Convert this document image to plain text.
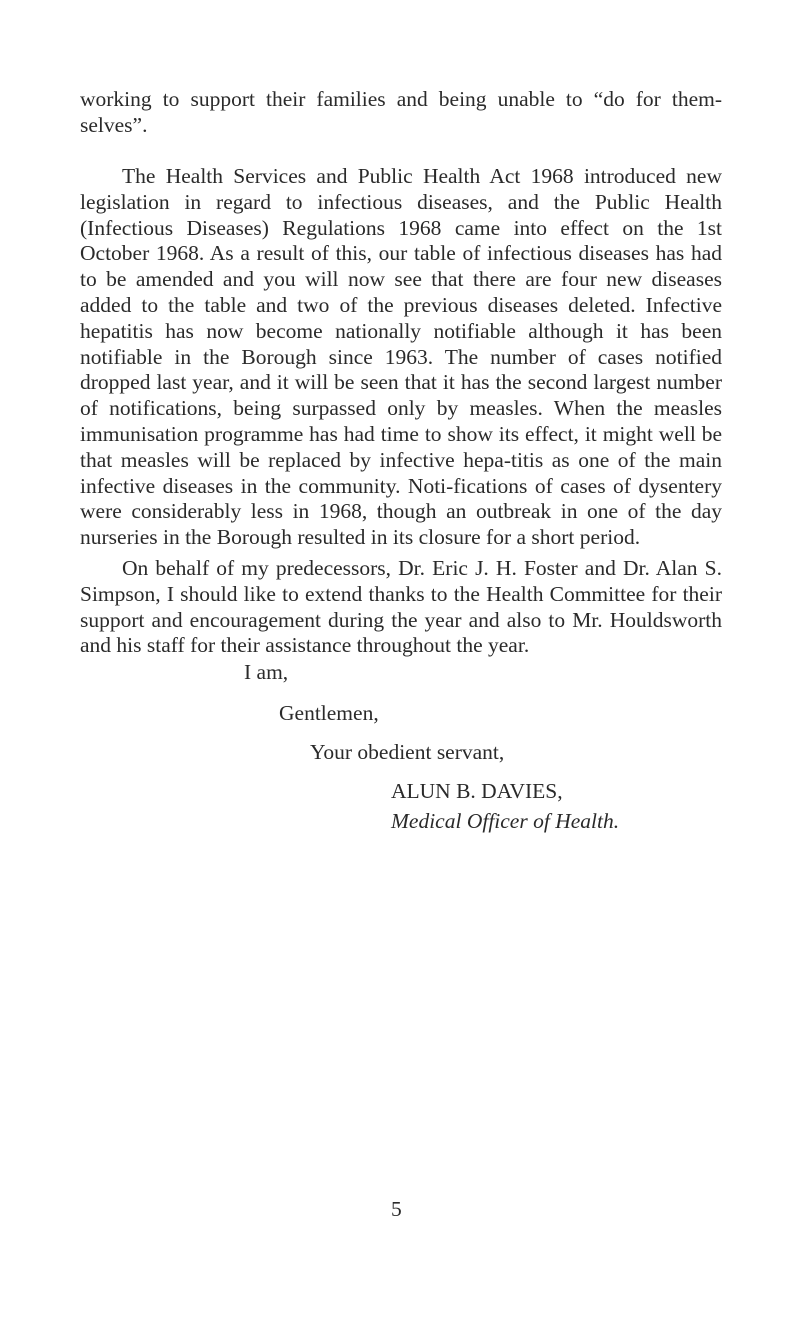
working to support their families and being unable to “do for them-selves”.

The Health Services and Public Health Act 1968 introduced new legislation in regard to infectious diseases, and the Public Health (Infectious Diseases) Regulations 1968 came into effect on the 1st October 1968. As a result of this, our table of infectious diseases has had to be amended and you will now see that there are four new diseases added to the table and two of the previous diseases deleted. Infective hepatitis has now become nationally notifiable although it has been notifiable in the Borough since 1963. The number of cases notified dropped last year, and it will be seen that it has the second largest number of notifications, being surpassed only by measles. When the measles immunisation programme has had time to show its effect, it might well be that measles will be replaced by infective hepa-titis as one of the main infective diseases in the community. Noti-fications of cases of dysentery were considerably less in 1968, though an outbreak in one of the day nurseries in the Borough resulted in its closure for a short period.

On behalf of my predecessors, Dr. Eric J. H. Foster and Dr. Alan S. Simpson, I should like to extend thanks to the Health Committee for their support and encouragement during the year and also to Mr. Houldsworth and his staff for their assistance throughout the year.

I am,

Gentlemen,

Your obedient servant,

ALUN B. DAVIES,

Medical Officer of Health.

5
